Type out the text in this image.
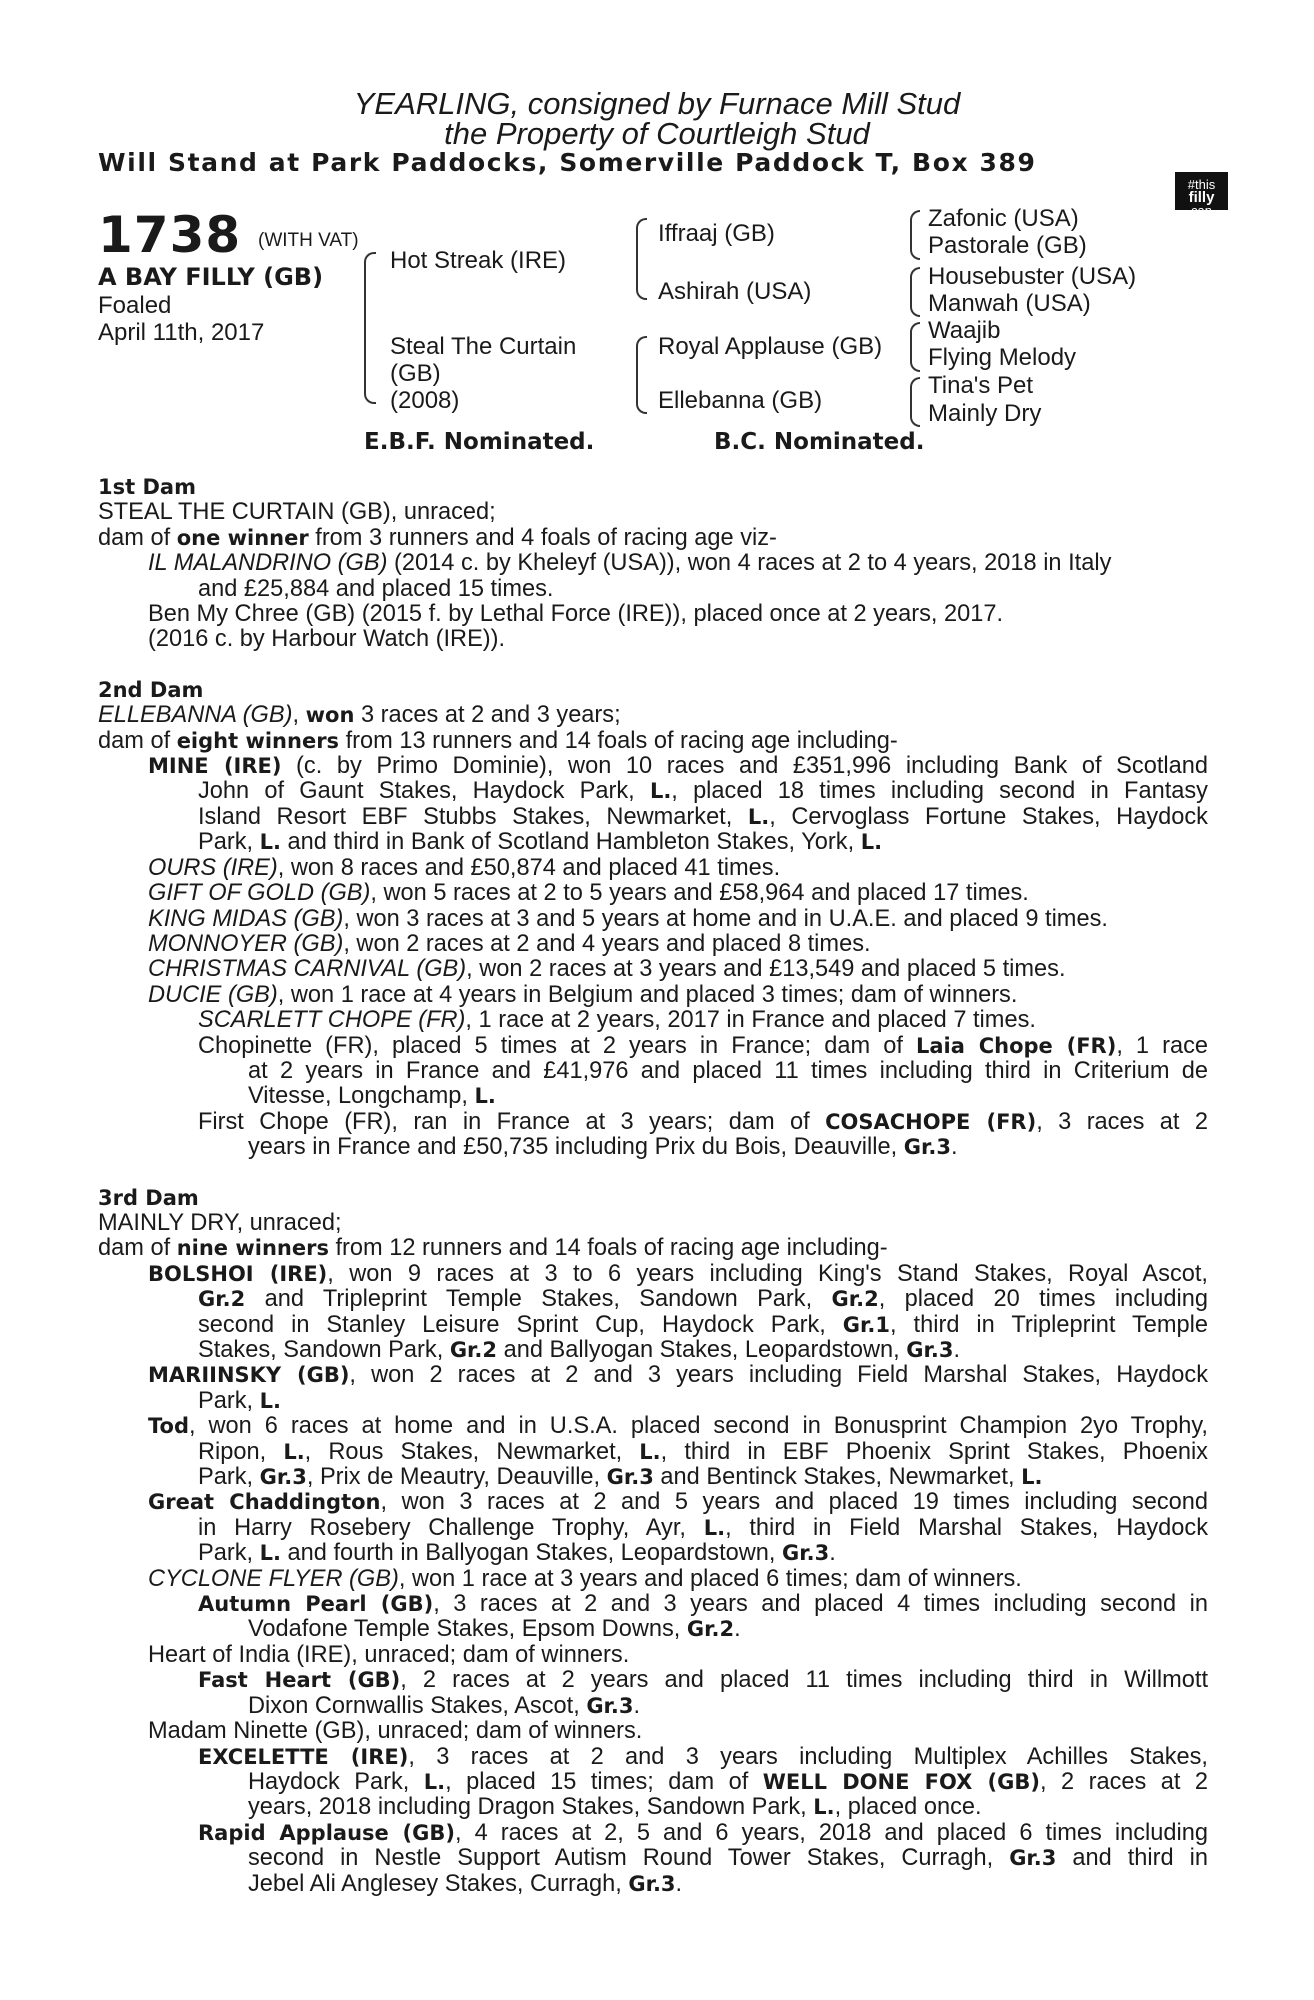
YEARLING, consigned by Furnace Mill Stud
the Property of Courtleigh Stud
Will Stand at Park Paddocks, Somerville Paddock T, Box 389
#this
filly
can
1738 (WITH VAT)
A BAY FILLY (GB)
Foaled
April 11th, 2017
Hot Streak (IRE)
Steal The Curtain
(GB)
(2008)
Iffraaj (GB)
Ashirah (USA)
Royal Applause (GB)
Ellebanna (GB)
Zafonic (USA)
Pastorale (GB)
Housebuster (USA)
Manwah (USA)
Waajib
Flying Melody
Tina's Pet
Mainly Dry
E.B.F. Nominated.	B.C. Nominated.
1st Dam
STEAL THE CURTAIN (GB), unraced;
dam of one winner from 3 runners and 4 foals of racing age viz-
IL MALANDRINO (GB) (2014 c. by Kheleyf (USA)), won 4 races at 2 to 4 years, 2018 in Italy
and £25,884 and placed 15 times.
Ben My Chree (GB) (2015 f. by Lethal Force (IRE)), placed once at 2 years, 2017.
(2016 c. by Harbour Watch (IRE)).
2nd Dam
ELLEBANNA (GB), won 3 races at 2 and 3 years;
dam of eight winners from 13 runners and 14 foals of racing age including-
MINE (IRE) (c. by Primo Dominie), won 10 races and £351,996 including Bank of Scotland
John of Gaunt Stakes, Haydock Park, L., placed 18 times including second in Fantasy
Island Resort EBF Stubbs Stakes, Newmarket, L., Cervoglass Fortune Stakes, Haydock
Park, L. and third in Bank of Scotland Hambleton Stakes, York, L.
OURS (IRE), won 8 races and £50,874 and placed 41 times.
GIFT OF GOLD (GB), won 5 races at 2 to 5 years and £58,964 and placed 17 times.
KING MIDAS (GB), won 3 races at 3 and 5 years at home and in U.A.E. and placed 9 times.
MONNOYER (GB), won 2 races at 2 and 4 years and placed 8 times.
CHRISTMAS CARNIVAL (GB), won 2 races at 3 years and £13,549 and placed 5 times.
DUCIE (GB), won 1 race at 4 years in Belgium and placed 3 times; dam of winners.
SCARLETT CHOPE (FR), 1 race at 2 years, 2017 in France and placed 7 times.
Chopinette (FR), placed 5 times at 2 years in France; dam of Laia Chope (FR), 1 race
at 2 years in France and £41,976 and placed 11 times including third in Criterium de
Vitesse, Longchamp, L.
First Chope (FR), ran in France at 3 years; dam of COSACHOPE (FR), 3 races at 2
years in France and £50,735 including Prix du Bois, Deauville, Gr.3.
3rd Dam
MAINLY DRY, unraced;
dam of nine winners from 12 runners and 14 foals of racing age including-
BOLSHOI (IRE), won 9 races at 3 to 6 years including King's Stand Stakes, Royal Ascot,
Gr.2 and Tripleprint Temple Stakes, Sandown Park, Gr.2, placed 20 times including
second in Stanley Leisure Sprint Cup, Haydock Park, Gr.1, third in Tripleprint Temple
Stakes, Sandown Park, Gr.2 and Ballyogan Stakes, Leopardstown, Gr.3.
MARIINSKY (GB), won 2 races at 2 and 3 years including Field Marshal Stakes, Haydock
Park, L.
Tod, won 6 races at home and in U.S.A. placed second in Bonusprint Champion 2yo Trophy,
Ripon, L., Rous Stakes, Newmarket, L., third in EBF Phoenix Sprint Stakes, Phoenix
Park, Gr.3, Prix de Meautry, Deauville, Gr.3 and Bentinck Stakes, Newmarket, L.
Great Chaddington, won 3 races at 2 and 5 years and placed 19 times including second
in Harry Rosebery Challenge Trophy, Ayr, L., third in Field Marshal Stakes, Haydock
Park, L. and fourth in Ballyogan Stakes, Leopardstown, Gr.3.
CYCLONE FLYER (GB), won 1 race at 3 years and placed 6 times; dam of winners.
Autumn Pearl (GB), 3 races at 2 and 3 years and placed 4 times including second in
Vodafone Temple Stakes, Epsom Downs, Gr.2.
Heart of India (IRE), unraced; dam of winners.
Fast Heart (GB), 2 races at 2 years and placed 11 times including third in Willmott
Dixon Cornwallis Stakes, Ascot, Gr.3.
Madam Ninette (GB), unraced; dam of winners.
EXCELETTE (IRE), 3 races at 2 and 3 years including Multiplex Achilles Stakes,
Haydock Park, L., placed 15 times; dam of WELL DONE FOX (GB), 2 races at 2
years, 2018 including Dragon Stakes, Sandown Park, L., placed once.
Rapid Applause (GB), 4 races at 2, 5 and 6 years, 2018 and placed 6 times including
second in Nestle Support Autism Round Tower Stakes, Curragh, Gr.3 and third in
Jebel Ali Anglesey Stakes, Curragh, Gr.3.
